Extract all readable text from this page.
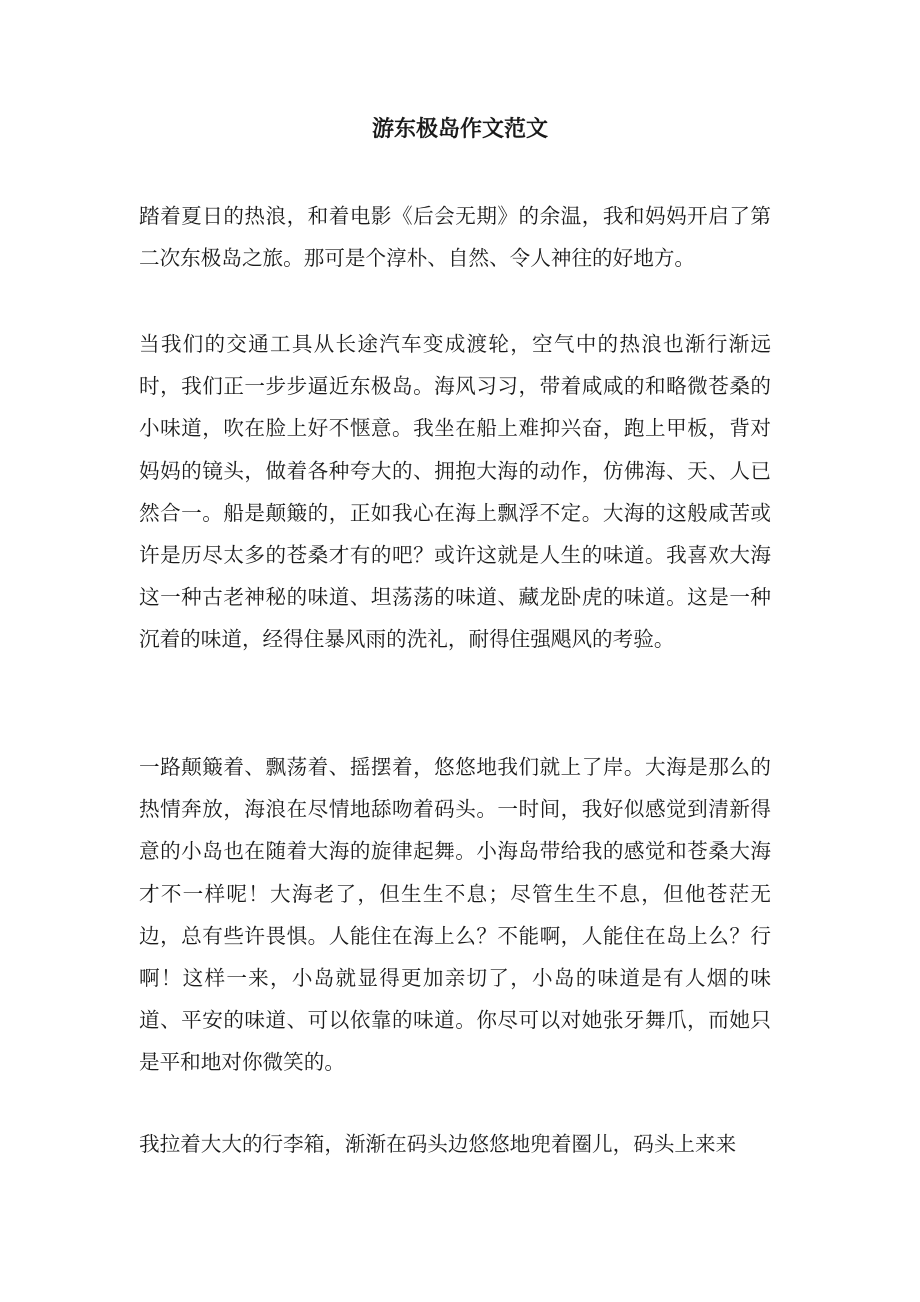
游东极岛作文范文

踏着夏日的热浪，和着电影《后会无期》的余温，我和妈妈开启了第二次东极岛之旅。那可是个淳朴、自然、令人神往的好地方。

当我们的交通工具从长途汽车变成渡轮，空气中的热浪也渐行渐远时，我们正一步步逼近东极岛。海风习习，带着咸咸的和略微苍桑的小味道，吹在脸上好不惬意。我坐在船上难抑兴奋，跑上甲板，背对妈妈的镜头，做着各种夸大的、拥抱大海的动作，仿佛海、天、人已然合一。船是颠簸的，正如我心在海上飘浮不定。大海的这般咸苦或许是历尽太多的苍桑才有的吧？或许这就是人生的味道。我喜欢大海这一种古老神秘的味道、坦荡荡的味道、藏龙卧虎的味道。这是一种沉着的味道，经得住暴风雨的洗礼，耐得住强飓风的考验。

一路颠簸着、飘荡着、摇摆着，悠悠地我们就上了岸。大海是那么的热情奔放，海浪在尽情地舔吻着码头。一时间，我好似感觉到清新得意的小岛也在随着大海的旋律起舞。小海岛带给我的感觉和苍桑大海才不一样呢！大海老了，但生生不息；尽管生生不息，但他苍茫无边，总有些许畏惧。人能住在海上么？不能啊，人能住在岛上么？行啊！这样一来，小岛就显得更加亲切了，小岛的味道是有人烟的味道、平安的味道、可以依靠的味道。你尽可以对她张牙舞爪，而她只是平和地对你微笑的。

我拉着大大的行李箱，渐渐在码头边悠悠地兜着圈儿，码头上来来
